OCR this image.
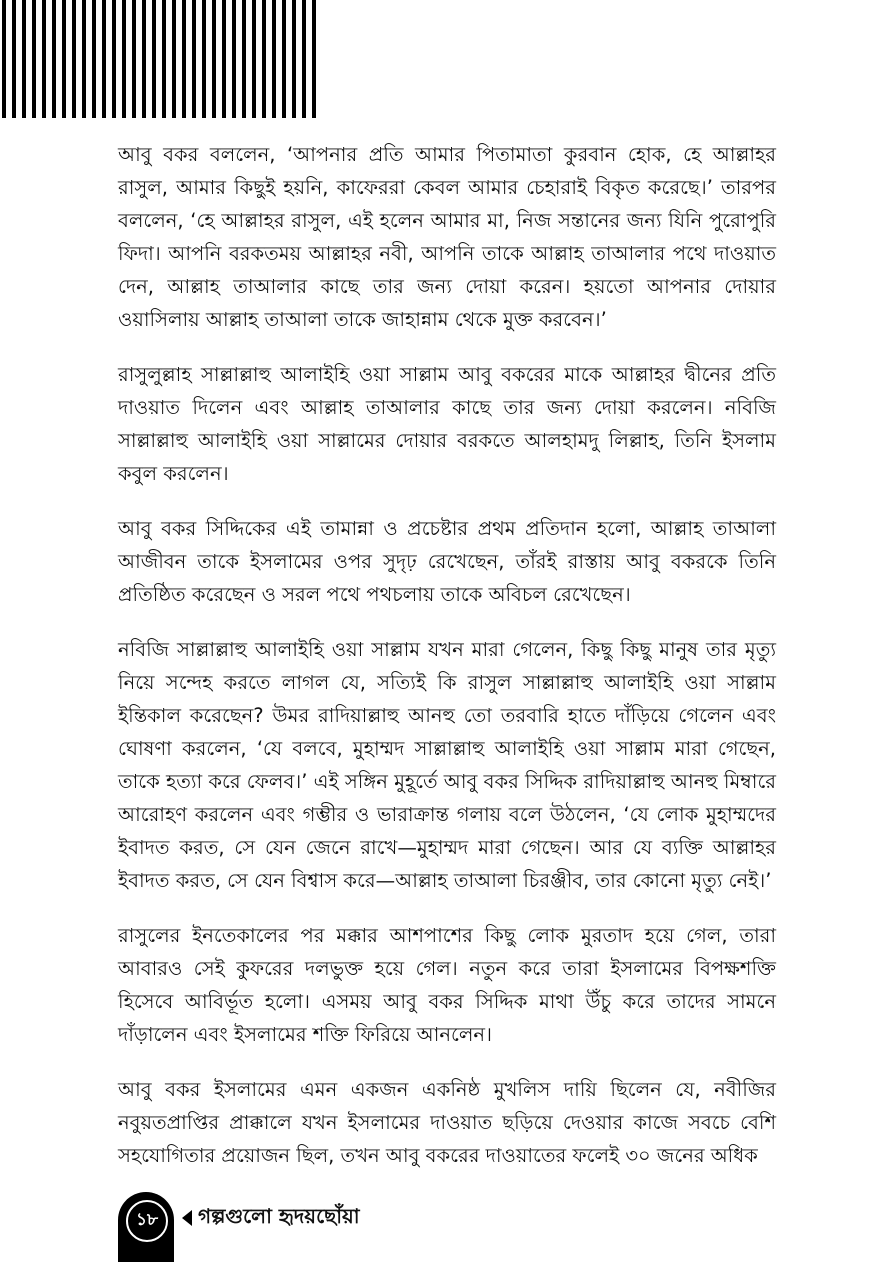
আবু বকর বললেন, ‘আপনার প্রতি আমার পিতামাতা কুরবান হোক, হে আল্লাহর রাসুল, আমার কিছুই হয়নি, কাফেররা কেবল আমার চেহারাই বিকৃত করেছে।’ তারপর বললেন, ‘হে আল্লাহর রাসুল, এই হলেন আমার মা, নিজ সন্তানের জন্য যিনি পুরোপুরি ফিদা। আপনি বরকতময় আল্লাহর নবী, আপনি তাকে আল্লাহ তাআলার পথে দাওয়াত দেন, আল্লাহ তাআলার কাছে তার জন্য দোয়া করেন। হয়তো আপনার দোয়ার ওয়াসিলায় আল্লাহ তাআলা তাকে জাহান্নাম থেকে মুক্ত করবেন।’

রাসুলুল্লাহ সাল্লাল্লাহু আলাইহি ওয়া সাল্লাম আবু বকরের মাকে আল্লাহর দ্বীনের প্রতি দাওয়াত দিলেন এবং আল্লাহ তাআলার কাছে তার জন্য দোয়া করলেন। নবিজি সাল্লাল্লাহু আলাইহি ওয়া সাল্লামের দোয়ার বরকতে আলহামদু লিল্লাহ, তিনি ইসলাম কবুল করলেন।

আবু বকর সিদ্দিকের এই তামান্না ও প্রচেষ্টার প্রথম প্রতিদান হলো, আল্লাহ তাআলা আজীবন তাকে ইসলামের ওপর সুদৃঢ় রেখেছেন, তাঁরই রাস্তায় আবু বকরকে তিনি প্রতিষ্ঠিত করেছেন ও সরল পথে পথচলায় তাকে অবিচল রেখেছেন।

নবিজি সাল্লাল্লাহু আলাইহি ওয়া সাল্লাম যখন মারা গেলেন, কিছু কিছু মানুষ তার মৃত্যু নিয়ে সন্দেহ করতে লাগল যে, সত্যিই কি রাসুল সাল্লাল্লাহু আলাইহি ওয়া সাল্লাম ইন্তিকাল করেছেন? উমর রাদিয়াল্লাহু আনহু তো তরবারি হাতে দাঁড়িয়ে গেলেন এবং ঘোষণা করলেন, ‘যে বলবে, মুহাম্মদ সাল্লাল্লাহু আলাইহি ওয়া সাল্লাম মারা গেছেন, তাকে হত্যা করে ফেলব।’ এই সঙ্গিন মুহূর্তে আবু বকর সিদ্দিক রাদিয়াল্লাহু আনহু মিম্বারে আরোহণ করলেন এবং গম্ভীর ও ভারাক্রান্ত গলায় বলে উঠলেন, ‘যে লোক মুহাম্মদের ইবাদত করত, সে যেন জেনে রাখে—মুহাম্মদ মারা গেছেন। আর যে ব্যক্তি আল্লাহর ইবাদত করত, সে যেন বিশ্বাস করে—আল্লাহ তাআলা চিরঞ্জীব, তার কোনো মৃত্যু নেই।’

রাসুলের ইনতেকালের পর মক্কার আশপাশের কিছু লোক মুরতাদ হয়ে গেল, তারা আবারও সেই কুফরের দলভুক্ত হয়ে গেল। নতুন করে তারা ইসলামের বিপক্ষশক্তি হিসেবে আবির্ভূত হলো। এসময় আবু বকর সিদ্দিক মাথা উঁচু করে তাদের সামনে দাঁড়ালেন এবং ইসলামের শক্তি ফিরিয়ে আনলেন।

আবু বকর ইসলামের এমন একজন একনিষ্ঠ মুখলিস দায়ি ছিলেন যে, নবীজির নবুয়তপ্রাপ্তির প্রাক্কালে যখন ইসলামের দাওয়াত ছড়িয়ে দেওয়ার কাজে সবচে বেশি সহযোগিতার প্রয়োজন ছিল, তখন আবু বকরের দাওয়াতের ফলেই ৩০ জনের অধিক

১৮	গল্পগুলো হৃদয়ছোঁয়া
